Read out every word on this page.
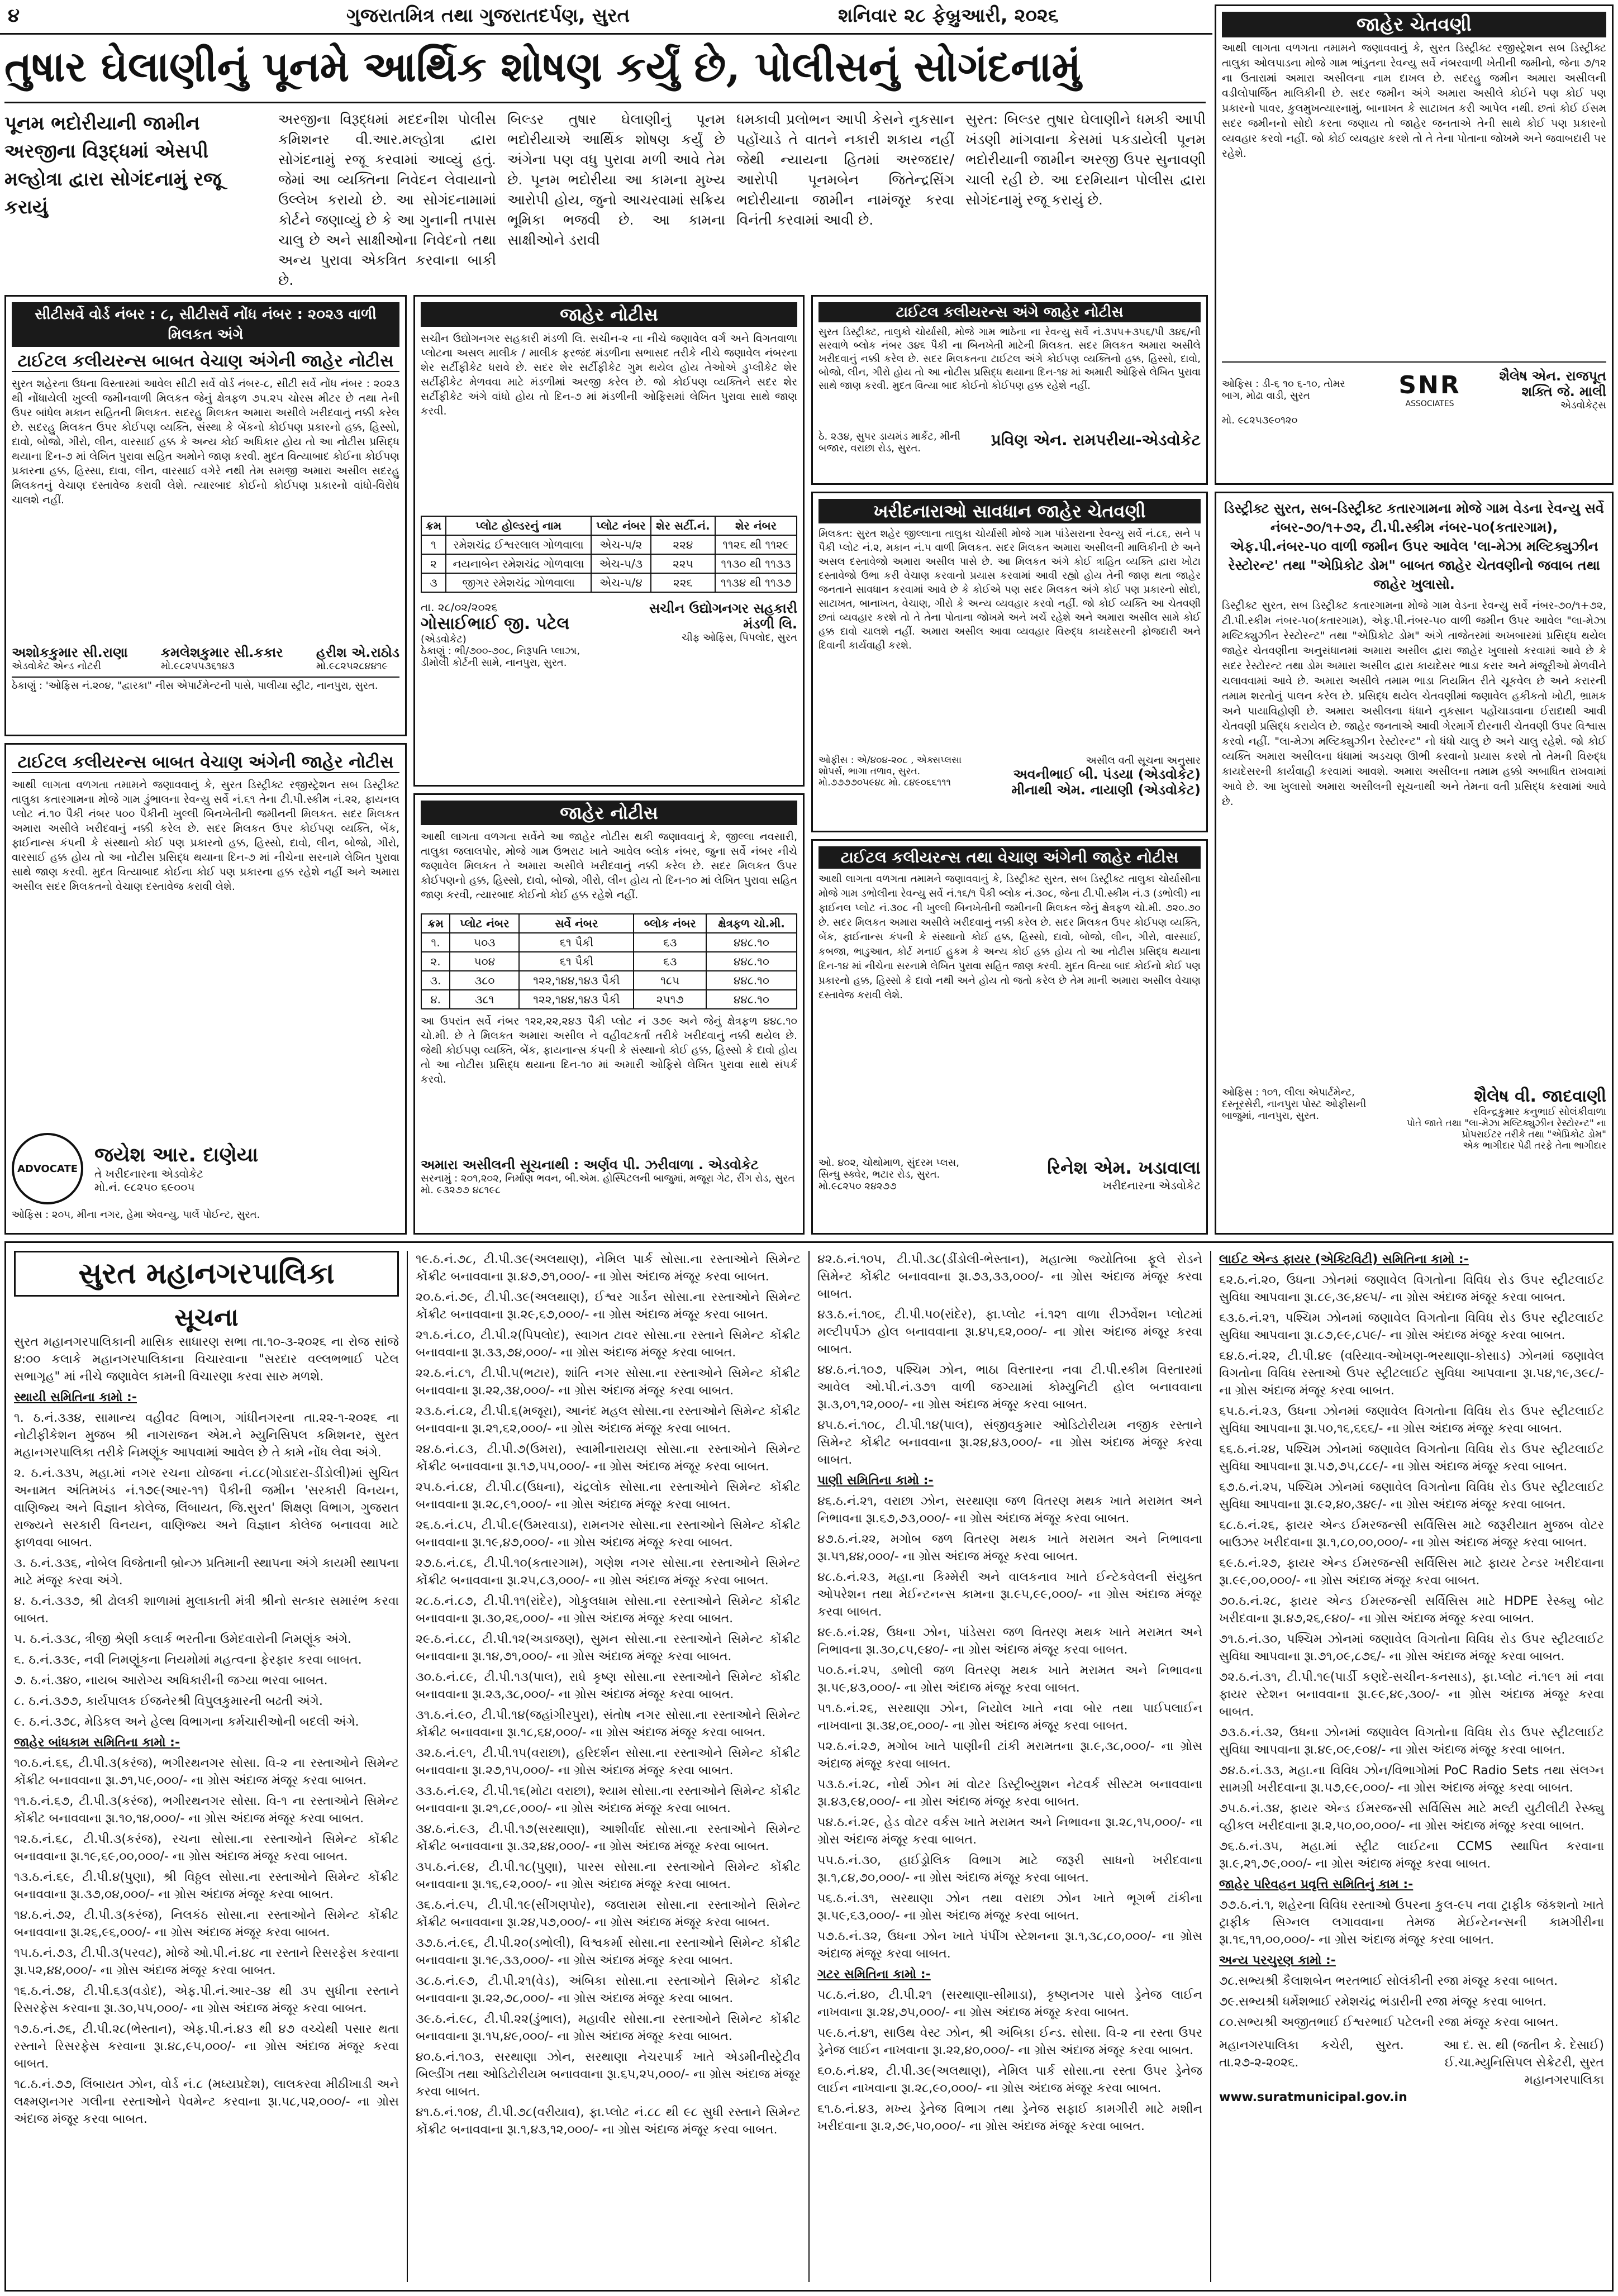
૪	ગુજરાતમિત્ર તથા ગુજરાતદર્પણ, સુરત	શનિવાર ૨૮ ફેબ્રુઆરી, ૨૦૨૬
તુષાર ઘેલાણીનું પૂનમે આર્થિક શોષણ કર્યું છે, પોલીસનું સોગંદનામું
પૂનમ ભદોરીયાની જામીન અરજીના વિરૂદ્ધમાં એસપી મલ્હોત્રા દ્વારા સોગંદનામું રજૂ કરાયું
અરજીના વિરૂદ્ધમાં મદદનીશ પોલીસ કમિશનર વી.આર.મલ્હોત્રા દ્વારા સોગંદનામું રજૂ કરવામાં આવ્યું હતું. જેમાં આ વ્યક્તિના નિવેદન લેવાયાનો ઉલ્લેખ કરાયો છે. આ સોગંદનામામાં કોર્ટને જણાવ્યું છે કે આ ગુનાની તપાસ ચાલુ છે અને સાક્ષીઓના નિવેદનો તથા અન્ય પુરાવા એકત્રિત કરવાના બાકી છે.
બિલ્ડર તુષાર ઘેલાણીનું પૂનમ ભદોરીયાએ આર્થિક શોષણ કર્યું છે અંગેના પણ વધુ પુરાવા મળી આવે તેમ છે. પૂનમ ભદોરીયા આ કામના મુખ્ય આરોપી હોય, જુનો આચરવામાં સક્રિય ભૂમિકા ભજવી છે. આ કામના સાક્ષીઓને ડરાવી
ધમકાવી પ્રલોભન આપી કેસને નુકસાન પહોંચાડે તે વાતને નકારી શકાય નહીં જેથી ન્યાયના હિતમાં અરજદાર/આરોપી પૂનમબેન જિતેન્દ્રસિંગ ભદોરીયાના જામીન નામંજૂર કરવા વિનંતી કરવામાં આવી છે.
સુરત: બિલ્ડર તુષાર ઘેલાણીને ધમકી આપી ખંડણી માંગવાના કેસમાં પકડાયેલી પૂનમ ભદોરીયાની જામીન અરજી ઉપર સુનાવણી ચાલી રહી છે. આ દરમિયાન પોલીસ દ્વારા સોગંદનામું રજૂ કરાયું છે.
સીટીસર્વે વોર્ડ નંબર : ૮, સીટીસર્વે નોંધ નંબર : ૨૦૨૩ વાળી મિલકત અંગે
ટાઈટલ કલીયરન્સ બાબત વેચાણ અંગેની જાહેર નોટીસ
સુરત શહેરના ઉધના વિસ્તારમાં આવેલ સીટી સર્વે વોર્ડ નંબર-૮, સીટી સર્વે નોંધ નંબર : ૨૦૨૩ થી નોંધાયેલી ખુલ્લી જમીનવાળી મિલકત જેનું ક્ષેત્રફળ ૭૫.૨૫ ચોરસ મીટર છે તથા તેની ઉપર બાંધેલ મકાન સહિતની મિલકત. સદરહુ મિલકત અમારા અસીલે ખરીદવાનું નક્કી કરેલ છે. સદરહુ મિલકત ઉપર કોઈપણ વ્યક્તિ, સંસ્થા કે બેંકનો કોઈપણ પ્રકારનો હક્ક, હિસ્સો, દાવો, બોજો, ગીરો, લીન, વારસાઈ હક્ક કે અન્ય કોઈ અધિકાર હોય તો આ નોટીસ પ્રસિદ્ધ થયાના દિન-૭ માં લેખિત પુરાવા સહિત અમોને જાણ કરવી. મુદત વિત્યાબાદ કોઈના કોઈપણ પ્રકારના હક્ક, હિસ્સા, દાવા, લીન, વારસાઈ વગેરે નથી તેમ સમજી અમારા અસીલ સદરહુ મિલકતનું વેચાણ દસ્તાવેજ કરાવી લેશે. ત્યારબાદ કોઈનો કોઈપણ પ્રકારનો વાંધો-વિરોધ ચાલશે નહીં.
અશોકકુમાર સી.રાણા
એડવોકેટ એન્ડ નોટરી
કમલેશકુમાર સી.કકાર
મો.૯૮૨૫૫૩૬૧૪૩
હરીશ એ.રાઠોડ
મો.૯૮૨૫૨૮૪૪૧૯
ઠેકાણું : 'ઓફિસ નં.૨૦૪, "દ્વારકા" નીસ એપાર્ટમેન્ટની પાસે, પાલીયા સ્ટ્રીટ, નાનપુરા, સુરત.
ટાઈટલ કલીયરન્સ બાબત વેચાણ અંગેની જાહેર નોટીસ
આથી લાગતા વળગતા તમામને જણાવવાનું કે, સુરત ડિસ્ટ્રીક્ટ રજીસ્ટ્રેશન સબ ડિસ્ટ્રીક્ટ તાલુકા કતારગામના મોજે ગામ ડુંભાલના રેવન્યુ સર્વે નં.૬૧ તેના ટી.પી.સ્કીમ નં.૨૨, ફાયનલ પ્લોટ નં.૧૦ પૈકી નંબર ૫૦૦ પૈકીની ખુલ્લી બિનખેતીની જમીનની મિલકત. સદર મિલકત અમારા અસીલે ખરીદવાનું નક્કી કરેલ છે. સદર મિલકત ઉપર કોઈપણ વ્યક્તિ, બેંક, ફાઈનાન્સ કંપની કે સંસ્થાનો કોઈ પણ પ્રકારનો હક્ક, હિસ્સો, દાવો, લીન, બોજો, ગીરો, વારસાઈ હક્ક હોય તો આ નોટીસ પ્રસિદ્ધ થયાના દિન-૭ માં નીચેના સરનામે લેખિત પુરાવા સાથે જાણ કરવી. મુદત વિત્યાબાદ કોઈના કોઈ પણ પ્રકારના હક્ક રહેશે નહીં અને અમારા અસીલ સદર મિલકતનો વેચાણ દસ્તાવેજ કરાવી લેશે.
ADVOCATE
જયેશ આર. દાણેયા
તે ખરીદનારના એડવોકેટ
મો.નં. ૯૮૨૫૦ ૬૯૦૦૫
ઓફિસ : ૨૦૫, મીના નગર, હેમા એવન્યુ, પાર્લે પોઈન્ટ, સુરત.
જાહેર નોટીસ
સચીન ઉદ્યોગનગર સહકારી મંડળી લિ. સચીન-૨ ના નીચે જણાવેલ વર્ગ અને વિગતવાળા પ્લોટના અસલ માલીક / માલીક ફરજંદ મંડળીના સભાસદ તરીકે નીચે જણાવેલ નંબરના શેર સર્ટીફીકેટ ધરાવે છે. સદર શેર સર્ટીફીકેટ ગુમ થયેલ હોય તેઓએ ડુપ્લીકેટ શેર સર્ટીફીકેટ મેળવવા માટે મંડળીમાં અરજી કરેલ છે. જો કોઈપણ વ્યક્તિને સદર શેર સર્ટીફીકેટ અંગે વાંધો હોય તો દિન-૭ માં મંડળીની ઓફિસમાં લેખિત પુરાવા સાથે જાણ કરવી.
ક્રમ	પ્લોટ હોલ્ડરનું નામ	પ્લોટ નંબર	શેર સર્ટી.નં.	શેર નંબર
૧	રમેશચંદ્ર ઈશ્વરલાલ ગોળવાલા	એચ-૫/૨	૨૨૪	૧૧૨૬ થી ૧૧૨૯
૨	નયનાબેન રમેશચંદ્ર ગોળવાલા	એચ-૫/૩	૨૨૫	૧૧૩૦ થી ૧૧૩૩
૩	જીગર રમેશચંદ્ર ગોળવાલા	એચ-૫/૪	૨૨૬	૧૧૩૪ થી ૧૧૩૭
તા. ૨૮/૦૨/૨૦૨૬
ગોસાઈભાઈ જી. પટેલ
(એડવોકેટ)
ઠેકાણું : ભી/૭૦૦-૭૦૮, નિરૂપતિ પ્લાઝા, ડીમોલી કોર્ટની સામે, નાનપુરા, સુરત.
સચીન ઉદ્યોગનગર સહકારી મંડળી લિ.
ચીફ ઓફિસ, પિપલોદ, સુરત
જાહેર નોટીસ
આથી લાગતા વળગતા સર્વેને આ જાહેર નોટીસ થકી જણાવવાનું કે, જીલ્લા નવસારી, તાલુકા જલાલપોર, મોજે ગામ ઉભરાટ ખાતે આવેલ બ્લોક નંબર, જુના સર્વે નંબર નીચે જણાવેલ મિલકત તે અમારા અસીલે ખરીદવાનું નક્કી કરેલ છે. સદર મિલકત ઉપર કોઈપણનો હક્ક, હિસ્સો, દાવો, બોજો, ગીરો, લીન હોય તો દિન-૧૦ માં લેખિત પુરાવા સહિત જાણ કરવી, ત્યારબાદ કોઈનો કોઈ હક્ક રહેશે નહીં.
ક્રમ	પ્લોટ નંબર	સર્વે નંબર	બ્લોક નંબર	ક્ષેત્રફળ ચો.મી.
૧.	૫૦૩	૬૧ પૈકી	૬૩	૪૪૮.૧૦
૨.	૫૦૪	૬૧ પૈકી	૬૩	૪૪૮.૧૦
૩.	૩૮૦	૧૨૨,૧૪૪,૧૪૩ પૈકી	૧૮૫	૪૪૮.૧૦
૪.	૩૮૧	૧૨૨,૧૪૪,૧૪૩ પૈકી	૨૫૧૭	૪૪૮.૧૦
આ ઉપરાંત સર્વે નંબર ૧૨૨,૨૨,૨૪૩ પૈકી પ્લોટ નં ૩૭૯ અને જેનું ક્ષેત્રફળ ૪૪૮.૧૦ ચો.મી. છે તે મિલકત અમારા અસીલ ને વહીવટકર્તા તરીકે ખરીદવાનું નક્કી થયેલ છે. જેથી કોઈપણ વ્યક્તિ, બેંક, ફાયનાન્સ કંપની કે સંસ્થાનો કોઈ હક્ક, હિસ્સો કે દાવો હોય તો આ નોટીસ પ્રસિદ્ધ થયાના દિન-૧૦ માં અમારી ઓફિસે લેખિત પુરાવા સાથે સંપર્ક કરવો.
અમારા અસીલની સૂચનાથી : અર્ણવ પી. ઝરીવાળા . એડવોકેટ
સરનામું : ૨૦૧,૨૦૨, નિર્માણ ભવન, બી.એમ. હોસ્પિટલની બાજુમાં, મજૂરા ગેટ, રીંગ રોડ, સુરત મો. ૯૩૨૭૭ ૪૮૧૯૮
ટાઈટલ કલીયરન્સ અંગે જાહેર નોટીસ
સુરત ડિસ્ટ્રીક્ટ, તાલુકો ચોર્યાસી, મોજે ગામ ભાઠેના ના રેવન્યુ સર્વે નં.૩૫૫+૩૫૬/પી ૩૪૬/ની સરવાળે બ્લોક નંબર ૩૪૬ પૈકી ના બિનખેતી માટેની મિલકત. સદર મિલકત અમારા અસીલે ખરીદવાનું નક્કી કરેલ છે. સદર મિલકતના ટાઈટલ અંગે કોઈપણ વ્યક્તિનો હક્ક, હિસ્સો, દાવો, બોજો, લીન, ગીરો હોય તો આ નોટીસ પ્રસિદ્ધ થયાના દિન-૧૪ માં અમારી ઓફિસે લેખિત પુરાવા સાથે જાણ કરવી. મુદત વિત્યા બાદ કોઈનો કોઈપણ હક્ક રહેશે નહીં.
ઠે. ૨૩૪, સુપર ડાયમંડ માર્કેટ, મીની બજાર, વરાછા રોડ, સુરત.	પ્રવિણ એન. રામપરીયા-એડવોકેટ
ખરીદનારાઓ સાવધાન જાહેર ચેતવણી
મિલકત: સુરત શહેર જીલ્લાના તાલુકા ચોર્યાસી મોજે ગામ પાંડેસરાના રેવન્યુ સર્વે નં.૮૬, સને ૫ પૈકી પ્લોટ નં.૨, મકાન નં.૫ વાળી મિલકત. સદર મિલકત અમારા અસીલની માલિકીની છે અને અસલ દસ્તાવેજો અમારા અસીલ પાસે છે. આ મિલકત અંગે કોઈ ત્રાહિત વ્યક્તિ દ્વારા ખોટા દસ્તાવેજો ઉભા કરી વેચાણ કરવાનો પ્રયાસ કરવામાં આવી રહ્યો હોય તેની જાણ થતા જાહેર જનતાને સાવધાન કરવામાં આવે છે કે કોઈએ પણ સદર મિલકત અંગે કોઈ પણ પ્રકારનો સોદો, સાટાખત, બાનાખત, વેચાણ, ગીરો કે અન્ય વ્યવહાર કરવો નહીં. જો કોઈ વ્યક્તિ આ ચેતવણી છતાં વ્યવહાર કરશે તો તે તેના પોતાના જોખમે અને ખર્ચે રહેશે અને અમારા અસીલ સામે કોઈ હક્ક દાવો ચાલશે નહીં. અમારા અસીલ આવા વ્યવહાર વિરુદ્ધ કાયદેસરની ફોજદારી અને દિવાની કાર્યવાહી કરશે.
ઓફીસ : એ/૪૦૪-૨૦૮ , એક્સપ્લસા શોપર્સ, ભાગા તળાવ, સુરત. મો.૭૭૭૭૦૫૯૪૮ મો. ૮૪૯૦૬૬૧૧૧
અસીલ વતી સૂચના અનુસાર
અવનીભાઈ બી. પંડયા (એડવોકેટ)
મીનાથી એમ. નાયાણી (એડવોકેટ)
ટાઈટલ કલીયરન્સ તથા વેચાણ અંગેની જાહેર નોટીસ
આથી લાગતા વળગતા તમામને જણાવવાનું કે, ડિસ્ટ્રીક્ટ સુરત, સબ ડિસ્ટ્રીક્ટ તાલુકા ચોર્યાસીના મોજે ગામ ડભોલીના રેવન્યુ સર્વે નં.૧૬/૧ પૈકી બ્લોક નં.૩૦૮, જેના ટી.પી.સ્કીમ નં.૩ (ડભોલી) ના ફાઈનલ પ્લોટ નં.૩૦૮ ની ખુલ્લી બિનખેતીની જમીનની મિલકત જેનું ક્ષેત્રફળ ચો.મી. ૭૨૦.૭૦ છે. સદર મિલકત અમારા અસીલે ખરીદવાનું નક્કી કરેલ છે. સદર મિલકત ઉપર કોઈપણ વ્યક્તિ, બેંક, ફાઈનાન્સ કંપની કે સંસ્થાનો કોઈ હક્ક, હિસ્સો, દાવો, બોજો, લીન, ગીરો, વારસાઈ, કબજા, ભાડુઆત, કોર્ટ મનાઈ હુકમ કે અન્ય કોઈ હક્ક હોય તો આ નોટીસ પ્રસિદ્ધ થયાના દિન-૧૪ માં નીચેના સરનામે લેખિત પુરાવા સહિત જાણ કરવી. મુદત વિત્યા બાદ કોઈનો કોઈ પણ પ્રકારનો હક્ક, હિસ્સો કે દાવો નથી અને હોય તો જતો કરેલ છે તેમ માની અમારા અસીલ વેચાણ દસ્તાવેજ કરાવી લેશે.
ઓ. ૪૦૨, ચોથોમાળ, સુંદરમ પ્લસ, સિન્ધુ સ્ક્વેર, ભટાર રોડ, સુરત. મો.૯૮૨૫૦ ૨૪૨૭૭
રિનેશ એમ. ખડાવાલા
ખરીદનારના એડવોકેટ
જાહેર ચેતવણી
આથી લાગતા વળગતા તમામને જણાવવાનું કે, સુરત ડિસ્ટ્રીક્ટ રજીસ્ટ્રેશન સબ ડિસ્ટ્રીક્ટ તાલુકા ઓલપાડના મોજે ગામ ભાંડુતના રેવન્યુ સર્વે નંબરવાળી ખેતીની જમીનો, જેના ૭/૧૨ ના ઉતારામાં અમારા અસીલના નામ દાખલ છે. સદરહુ જમીન અમારા અસીલની વડીલોપાર્જિત માલિકીની છે. સદર જમીન અંગે અમારા અસીલે કોઈને પણ કોઈ પણ પ્રકારનો પાવર, કુલમુખત્યારનામું, બાનાખત કે સાટાખત કરી આપેલ નથી. છતાં કોઈ ઈસમ સદર જમીનનો સોદો કરતા જણાય તો જાહેર જનતાએ તેની સાથે કોઈ પણ પ્રકારનો વ્યવહાર કરવો નહીં. જો કોઈ વ્યવહાર કરશે તો તે તેના પોતાના જોખમે અને જવાબદારી પર રહેશે.
ઓફિસ : ડી-૬ ૧૦ ૬-૧૦, તોમર બાગ, મોઢા વાડી, સુરત	SNR
ASSOCIATES
શૈલેષ એન. રાજપૂત
શક્તિ જે. માલી
એડવોકેટ્સ
મો. ૯૮૨૫૩૯૦૧૨૦
ડિસ્ટ્રીક્ટ સુરત, સબ-ડિસ્ટ્રીક્ટ કતારગામના મોજે ગામ વેડના રેવન્યુ સર્વે નંબર-૭૦/૧+૭૨, ટી.પી.સ્કીમ નંબર-૫૦(કતારગામ), એફ.પી.નંબર-૫૦ વાળી જમીન ઉપર આવેલ 'લા-મેઝા મલ્ટિક્યુઝીન રેસ્ટોરન્ટ' તથા "એપ્રિકોટ ડોમ" બાબત જાહેર ચેતવણીનો જવાબ તથા જાહેર ખુલાસો.
ડિસ્ટ્રીક્ટ સુરત, સબ ડિસ્ટ્રીક્ટ કતારગામના મોજે ગામ વેડના રેવન્યુ સર્વે નંબર-૭૦/૧+૭૨, ટી.પી.સ્કીમ નંબર-૫૦(કતારગામ), એફ.પી.નંબર-૫૦ વાળી જમીન ઉપર આવેલ "લા-મેઝા મલ્ટિક્યુઝીન રેસ્ટોરન્ટ" તથા "એપ્રિકોટ ડોમ" અંગે તાજેતરમાં અખબારમાં પ્રસિદ્ધ થયેલ જાહેર ચેતવણીના અનુસંધાનમાં અમારા અસીલ દ્વારા જાહેર ખુલાસો કરવામાં આવે છે કે સદર રેસ્ટોરન્ટ તથા ડોમ અમારા અસીલ દ્વારા કાયદેસર ભાડા કરાર અને મંજૂરીઓ મેળવીને ચલાવવામાં આવે છે. અમારા અસીલે તમામ ભાડા નિયમિત રીતે ચૂકવેલ છે અને કરારની તમામ શરતોનું પાલન કરેલ છે. પ્રસિદ્ધ થયેલ ચેતવણીમાં જણાવેલ હકીકતો ખોટી, ભ્રામક અને પાયાવિહોણી છે. અમારા અસીલના ધંધાને નુકસાન પહોંચાડવાના ઈરાદાથી આવી ચેતવણી પ્રસિદ્ધ કરાયેલ છે. જાહેર જનતાએ આવી ગેરમાર્ગે દોરનારી ચેતવણી ઉપર વિશ્વાસ કરવો નહીં. "લા-મેઝા મલ્ટિક્યુઝીન રેસ્ટોરન્ટ" નો ધંધો ચાલુ છે અને ચાલુ રહેશે. જો કોઈ વ્યક્તિ અમારા અસીલના ધંધામાં અડચણ ઊભી કરવાનો પ્રયાસ કરશે તો તેમની વિરુદ્ધ કાયદેસરની કાર્યવાહી કરવામાં આવશે. અમારા અસીલના તમામ હક્કો અબાધિત રાખવામાં આવે છે. આ ખુલાસો અમારા અસીલની સૂચનાથી અને તેમના વતી પ્રસિદ્ધ કરવામાં આવે છે.
ઓફિસ : ૧૦૧, લીલા એપાર્ટમેન્ટ, દસ્તૂરસેરી, નાનપુરા પોસ્ટ ઓફીસની બાજુમાં, નાનપુરા, સુરત.
શૈલેષ વી. જાદવાણી
રવિન્દ્રકુમાર કનુભાઈ સોલંકીવાળા
પોતે જાતે તથા "લા-મેઝા મલ્ટિક્યુઝીન રેસ્ટોરન્ટ" ના પ્રોપરાઈટર તરીકે તથા "એપ્રિકોટ ડોમ"
એક ભાગીદાર પેઢી તરફે તેના ભાગીદાર
સુરત મહાનગરપાલિકા
સૂચના

સુરત મહાનગરપાલિકાની માસિક સાધારણ સભા તા.૧૦-૩-૨૦૨૬ ના રોજ સાંજે ૪:૦૦ કલાકે મહાનગરપાલિકાના વિચારવાના "સરદાર વલ્લભભાઈ પટેલ સભાગૃહ" માં નીચે જણાવેલ કામની વિચારણા કરવા સારુ મળશે.

સ્થાયી સમિતિના કામો :-

૧. ઠ.નં.૩૩૪, સામાન્ય વહીવટ વિભાગ, ગાંધીનગરના તા.૨૨-૧-૨૦૨૬ ના નોટીફીકેશન મુજબ શ્રી નાગરાજન એમ.ને મ્યુનિસિપલ કમિશનર, સુરત મહાનગરપાલિકા તરીકે નિમણૂંક આપવામાં આવેલ છે તે કામે નોંધ લેવા અંગે.

૨. ઠ.નં.૩૩૫, મહા.માં નગર રચના યોજના નં.૮૮(ગોડાદરા-ડીંડોલી)માં સુચિત અનામત અંતિમખંડ નં.૧૭૯(આર-૧૧) પૈકીની જમીન 'સરકારી વિનયન, વાણિજ્ય અને વિજ્ઞાન કોલેજ, લિંબાયત, જિ.સુરત' શિક્ષણ વિભાગ, ગુજરાત રાજ્યને સરકારી વિનયન, વાણિજ્ય અને વિજ્ઞાન કોલેજ બનાવવા માટે ફાળવવા બાબત.

૩. ઠ.નં.૩૩૬, નોબેલ વિજેતાની બ્રોન્ઝ પ્રતિમાની સ્થાપના અંગે કાયમી સ્થાપના માટે મંજૂર કરવા અંગે.

૪. ઠ.નં.૩૩૭, શ્રી ઢોલકી શાળામાં મુલાકાતી મંત્રી શ્રીનો સત્કાર સમારંભ કરવા બાબત.

૫. ઠ.નં.૩૩૮, ત્રીજી શ્રેણી કલાર્ક ભરતીના ઉમેદવારોની નિમણૂંક અંગે.

૬. ઠ.નં.૩૩૯, નવી નિમણૂંકના નિયમોમાં મહત્વના ફેરફાર કરવા બાબત.

૭. ઠ.નં.૩૪૦, નાયબ આરોગ્ય અધિકારીની જગ્યા ભરવા બાબત.

૮. ઠ.નં.૩૭૭, કાર્યપાલક ઈજનેરશ્રી વિપુલકુમારની બઢતી અંગે.

૯. ઠ.નં.૩૭૮, મેડિકલ અને હેલ્થ વિભાગના કર્મચારીઓની બદલી અંગે.

જાહેર બાંધકામ સમિતિના કામો :-

૧૦.ઠ.નં.૬૬, ટી.પી.૩(કરંજ), ભગીરથનગર સોસા. વિ-૨ ના રસ્તાઓને સિમેન્ટ કોંક્રીટ બનાવવાના રૂા.૭૧,૫૯,૦૦૦/- ના ગ્રોસ અંદાજ મંજૂર કરવા બાબત.

૧૧.ઠ.નં.૬૭, ટી.પી.૩(કરંજ), ભગીરથનગર સોસા. વિ-૧ ના રસ્તાઓને સિમેન્ટ કોંક્રીટ બનાવવાના રૂા.૧૦,૧૪,૦૦૦/- ના ગ્રોસ અંદાજ મંજૂર કરવા બાબત.

૧૨.ઠ.નં.૬૮, ટી.પી.૩(કરંજ), રચના સોસા.ના રસ્તાઓને સિમેન્ટ કોંક્રીટ બનાવવાના રૂા.૧૯,૬૯,૦૦,૦૦૦/- ના ગ્રોસ અંદાજ મંજૂર કરવા બાબત.

૧૩.ઠ.નં.૬૯, ટી.પી.૪(પુણા), શ્રી વિઠ્ઠલ સોસા.ના રસ્તાઓને સિમેન્ટ કોંક્રીટ બનાવવાના રૂા.૩૭,૦૪,૦૦૦/- ના ગ્રોસ અંદાજ મંજૂર કરવા બાબત.

૧૪.ઠ.નં.૭૨, ટી.પી.૩(કરંજ), નિલકંઠ સોસા.ના રસ્તાઓને સિમેન્ટ કોંક્રીટ બનાવવાના રૂા.૨૬,૯૬,૦૦૦/- ના ગ્રોસ અંદાજ મંજૂર કરવા બાબત.

૧૫.ઠ.નં.૭૩, ટી.પી.૩(પરવટ), મોજે ઓ.પી.નં.૪૮ ના રસ્તાને રિસરફેસ કરવાના રૂા.૫૨,૪૪,૦૦૦/- ના ગ્રોસ અંદાજ મંજૂર કરવા બાબત.

૧૬.ઠ.નં.૭૪, ટી.પી.૬૩(વડોદ), એફ.પી.નં.આર-૩૪ થી ૩૫ સુધીના રસ્તાને રિસરફેસ કરવાના રૂા.૩૦,૫૫,૦૦૦/- ના ગ્રોસ અંદાજ મંજૂર કરવા બાબત.

૧૭.ઠ.નં.૭૬, ટી.પી.૨૮(ભેસ્તાન), એફ.પી.નં.૪૩ થી ૪૭ વચ્ચેથી પસાર થતા રસ્તાને રિસરફેસ કરવાના રૂા.૪૮,૯૫,૦૦૦/- ના ગ્રોસ અંદાજ મંજૂર કરવા બાબત.

૧૮.ઠ.નં.૭૭, લિંબાયત ઝોન, વોર્ડ નં.૮ (મધ્યપ્રદેશ), લાલકરવા મીઠીખાડી અને લક્ષ્મણનગર ગલીના રસ્તાઓને પેવમેન્ટ કરવાના રૂા.૫૮,૫૨,૦૦૦/- ના ગ્રોસ અંદાજ મંજૂર કરવા બાબત.

૧૯.ઠ.નં.૭૮, ટી.પી.૩૯(અલથાણ), નેમિલ પાર્ક સોસા.ના રસ્તાઓને સિમેન્ટ કોંક્રીટ બનાવવાના રૂા.૪૭,૭૧,૦૦૦/- ના ગ્રોસ અંદાજ મંજૂર કરવા બાબત.

૨૦.ઠ.નં.૭૯, ટી.પી.૩૯(અલથાણ), ઈશ્વર ગાર્ડન સોસા.ના રસ્તાઓને સિમેન્ટ કોંક્રીટ બનાવવાના રૂા.૨૯,૬૭,૦૦૦/- ના ગ્રોસ અંદાજ મંજૂર કરવા બાબત.

૨૧.ઠ.નં.૮૦, ટી.પી.૨(પિપલોદ), સ્વાગત ટાવર સોસા.ના રસ્તાને સિમેન્ટ કોંક્રીટ બનાવવાના રૂા.૩૩,૭૪,૦૦૦/- ના ગ્રોસ અંદાજ મંજૂર કરવા બાબત.

૨૨.ઠ.નં.૮૧, ટી.પી.૫(ભટાર), શાંતિ નગર સોસા.ના રસ્તાઓને સિમેન્ટ કોંક્રીટ બનાવવાના રૂા.૨૨,૩૪,૦૦૦/- ના ગ્રોસ અંદાજ મંજૂર કરવા બાબત.

૨૩.ઠ.નં.૮૨, ટી.પી.૬(મજૂરા), આનંદ મહલ સોસા.ના રસ્તાઓને સિમેન્ટ કોંક્રીટ બનાવવાના રૂા.૨૧,૬૨,૦૦૦/- ના ગ્રોસ અંદાજ મંજૂર કરવા બાબત.

૨૪.ઠ.નં.૮૩, ટી.પી.૭(ઉમરા), સ્વામીનારાયણ સોસા.ના રસ્તાઓને સિમેન્ટ કોંક્રીટ બનાવવાના રૂા.૧૭,૫૫,૦૦૦/- ના ગ્રોસ અંદાજ મંજૂર કરવા બાબત.

૨૫.ઠ.નં.૮૪, ટી.પી.૮(ઉધના), ચંદ્રલોક સોસા.ના રસ્તાઓને સિમેન્ટ કોંક્રીટ બનાવવાના રૂા.૨૮,૯૧,૦૦૦/- ના ગ્રોસ અંદાજ મંજૂર કરવા બાબત.

૨૬.ઠ.નં.૮૫, ટી.પી.૯(ઉમરવાડા), રામનગર સોસા.ના રસ્તાઓને સિમેન્ટ કોંક્રીટ બનાવવાના રૂા.૧૯,૪૭,૦૦૦/- ના ગ્રોસ અંદાજ મંજૂર કરવા બાબત.

૨૭.ઠ.નં.૮૬, ટી.પી.૧૦(કતારગામ), ગણેશ નગર સોસા.ના રસ્તાઓને સિમેન્ટ કોંક્રીટ બનાવવાના રૂા.૨૫,૮૩,૦૦૦/- ના ગ્રોસ અંદાજ મંજૂર કરવા બાબત.

૨૮.ઠ.નં.૮૭, ટી.પી.૧૧(રાંદેર), ગોકુલધામ સોસા.ના રસ્તાઓને સિમેન્ટ કોંક્રીટ બનાવવાના રૂા.૩૦,૨૬,૦૦૦/- ના ગ્રોસ અંદાજ મંજૂર કરવા બાબત.

૨૯.ઠ.નં.૮૮, ટી.પી.૧૨(અડાજણ), સુમન સોસા.ના રસ્તાઓને સિમેન્ટ કોંક્રીટ બનાવવાના રૂા.૧૪,૭૧,૦૦૦/- ના ગ્રોસ અંદાજ મંજૂર કરવા બાબત.

૩૦.ઠ.નં.૮૯, ટી.પી.૧૩(પાલ), રાધે કૃષ્ણ સોસા.ના રસ્તાઓને સિમેન્ટ કોંક્રીટ બનાવવાના રૂા.૨૩,૩૮,૦૦૦/- ના ગ્રોસ અંદાજ મંજૂર કરવા બાબત.

૩૧.ઠ.નં.૯૦, ટી.પી.૧૪(જહાંગીરપુરા), સંતોષ નગર સોસા.ના રસ્તાઓને સિમેન્ટ કોંક્રીટ બનાવવાના રૂા.૧૮,૬૪,૦૦૦/- ના ગ્રોસ અંદાજ મંજૂર કરવા બાબત.

૩૨.ઠ.નં.૯૧, ટી.પી.૧૫(વરાછા), હરિદર્શન સોસા.ના રસ્તાઓને સિમેન્ટ કોંક્રીટ બનાવવાના રૂા.૨૭,૧૫,૦૦૦/- ના ગ્રોસ અંદાજ મંજૂર કરવા બાબત.

૩૩.ઠ.નં.૯૨, ટી.પી.૧૬(મોટા વરાછા), શ્યામ સોસા.ના રસ્તાઓને સિમેન્ટ કોંક્રીટ બનાવવાના રૂા.૨૧,૮૯,૦૦૦/- ના ગ્રોસ અંદાજ મંજૂર કરવા બાબત.

૩૪.ઠ.નં.૯૩, ટી.પી.૧૭(સરથાણા), આશીર્વાદ સોસા.ના રસ્તાઓને સિમેન્ટ કોંક્રીટ બનાવવાના રૂા.૩૨,૪૪,૦૦૦/- ના ગ્રોસ અંદાજ મંજૂર કરવા બાબત.

૩૫.ઠ.નં.૯૪, ટી.પી.૧૮(પુણા), પારસ સોસા.ના રસ્તાઓને સિમેન્ટ કોંક્રીટ બનાવવાના રૂા.૧૬,૯૨,૦૦૦/- ના ગ્રોસ અંદાજ મંજૂર કરવા બાબત.

૩૬.ઠ.નં.૯૫, ટી.પી.૧૯(સીંગણપોર), જલારામ સોસા.ના રસ્તાઓને સિમેન્ટ કોંક્રીટ બનાવવાના રૂા.૨૪,૫૭,૦૦૦/- ના ગ્રોસ અંદાજ મંજૂર કરવા બાબત.

૩૭.ઠ.નં.૯૬, ટી.પી.૨૦(ડભોલી), વિશ્વકર્મા સોસા.ના રસ્તાઓને સિમેન્ટ કોંક્રીટ બનાવવાના રૂા.૧૯,૩૩,૦૦૦/- ના ગ્રોસ અંદાજ મંજૂર કરવા બાબત.

૩૮.ઠ.નં.૯૭, ટી.પી.૨૧(વેડ), અંબિકા સોસા.ના રસ્તાઓને સિમેન્ટ કોંક્રીટ બનાવવાના રૂા.૨૨,૭૮,૦૦૦/- ના ગ્રોસ અંદાજ મંજૂર કરવા બાબત.

૩૯.ઠ.નં.૯૮, ટી.પી.૨૨(ડુંભાલ), મહાવીર સોસા.ના રસ્તાઓને સિમેન્ટ કોંક્રીટ બનાવવાના રૂા.૧૫,૪૯,૦૦૦/- ના ગ્રોસ અંદાજ મંજૂર કરવા બાબત.

૪૦.ઠ.નં.૧૦૩, સરથાણા ઝોન, સરથાણા નેચરપાર્ક ખાતે એડમીનીસ્ટ્રેટીવ બિલ્ડીંગ તથા ઓડિટોરીયમ બનાવવાના રૂા.૬૫,૨૫,૦૦૦/- ના ગ્રોસ અંદાજ મંજૂર કરવા બાબત.

૪૧.ઠ.નં.૧૦૪, ટી.પી.૭૮(વરીયાવ), ફા.પ્લોટ નં.૮૮ થી ૯૮ સુધી રસ્તાને સિમેન્ટ કોંક્રીટ બનાવવાના રૂા.૧,૪૩,૧૨,૦૦૦/- ના ગ્રોસ અંદાજ મંજૂર કરવા બાબત.

૪૨.ઠ.નં.૧૦૫, ટી.પી.૩૮(ડીંડોલી-ભેસ્તાન), મહાત્મા જ્યોતિબા ફૂલે રોડને સિમેન્ટ કોંક્રીટ બનાવવાના રૂા.૭૩,૩૩,૦૦૦/- ના ગ્રોસ અંદાજ મંજૂર કરવા બાબત.

૪૩.ઠ.નં.૧૦૬, ટી.પી.૫૦(રાંદેર), ફા.પ્લોટ નં.૧૨૧ વાળા રીઝર્વેશન પ્લોટમાં મલ્ટીપર્પઝ હોલ બનાવવાના રૂા.૪૫,૬૨,૦૦૦/- ના ગ્રોસ અંદાજ મંજૂર કરવા બાબત.

૪૪.ઠ.નં.૧૦૭, પશ્ચિમ ઝોન, ભાઠા વિસ્તારના નવા ટી.પી.સ્કીમ વિસ્તારમાં આવેલ ઓ.પી.નં.૩૭૧ વાળી જગ્યામાં કોમ્યુનિટી હોલ બનાવવાના રૂા.૩,૦૧,૧૨,૦૦૦/- ના ગ્રોસ અંદાજ મંજૂર કરવા બાબત.

૪૫.ઠ.નં.૧૦૮, ટી.પી.૧૪(પાલ), સંજીવકુમાર ઓડિટોરીયમ નજીક રસ્તાને સિમેન્ટ કોંક્રીટ બનાવવાના રૂા.૨૪,૪૩,૦૦૦/- ના ગ્રોસ અંદાજ મંજૂર કરવા બાબત.

પાણી સમિતિના કામો :-

૪૬.ઠ.નં.૨૧, વરાછા ઝોન, સરથાણા જળ વિતરણ મથક ખાતે મરામત અને નિભાવના રૂા.૬૭,૭૩,૦૦૦/- ના ગ્રોસ અંદાજ મંજૂર કરવા બાબત.

૪૭.ઠ.નં.૨૨, મગોબ જળ વિતરણ મથક ખાતે મરામત અને નિભાવના રૂા.૫૧,૪૪,૦૦૦/- ના ગ્રોસ અંદાજ મંજૂર કરવા બાબત.

૪૮.ઠ.નં.૨૩, મહા.ના કિમ્મેરી અને વાલકનાવ ખાતે ઈન્ટેકવેલની સંયુક્ત ઓપરેશન તથા મેઈન્ટનન્સ કામના રૂા.૯૫,૯૯,૦૦૦/- ના ગ્રોસ અંદાજ મંજૂર કરવા બાબત.

૪૯.ઠ.નં.૨૪, ઉધના ઝોન, પાંડેસરા જળ વિતરણ મથક ખાતે મરામત અને નિભાવના રૂા.૩૦,૮૫,૯૪૦/- ના ગ્રોસ અંદાજ મંજૂર કરવા બાબત.

૫૦.ઠ.નં.૨૫, ડભોલી જળ વિતરણ મથક ખાતે મરામત અને નિભાવના રૂા.૫૯,૪૩,૦૦૦/- ના ગ્રોસ અંદાજ મંજૂર કરવા બાબત.

૫૧.ઠ.નં.૨૬, સરથાણા ઝોન, નિયોલ ખાતે નવા બોર તથા પાઈપલાઈન નાખવાના રૂા.૩૪,૦૬,૦૦૦/- ના ગ્રોસ અંદાજ મંજૂર કરવા બાબત.

૫૨.ઠ.નં.૨૭, મગોબ ખાતે પાણીની ટાંકી મરામતના રૂા.૯,૩૮,૦૦૦/- ના ગ્રોસ અંદાજ મંજૂર કરવા બાબત.

૫૩.ઠ.નં.૨૮, નોર્થ ઝોન માં વોટર ડિસ્ટ્રીબ્યુશન નેટવર્ક સીસ્ટમ બનાવવાના રૂા.૪૩,૯૪,૦૦૦/- ના ગ્રોસ અંદાજ મંજૂર કરવા બાબત.

૫૪.ઠ.નં.૨૯, હેડ વોટર વર્કસ ખાતે મરામત અને નિભાવના રૂા.૨૮,૧૫,૦૦૦/- ના ગ્રોસ અંદાજ મંજૂર કરવા બાબત.

૫૫.ઠ.નં.૩૦, હાઈડ્રોલિક વિભાગ માટે જરૂરી સાધનો ખરીદવાના રૂા.૧,૮૪,૭૦,૦૦૦/- ના ગ્રોસ અંદાજ મંજૂર કરવા બાબત.

૫૬.ઠ.નં.૩૧, સરથાણા ઝોન તથા વરાછા ઝોન ખાતે ભૂગર્ભ ટાંકીના રૂા.૫૯,૬૩,૦૦૦/- ના ગ્રોસ અંદાજ મંજૂર કરવા બાબત.

૫૭.ઠ.નં.૩૨, ઉધના ઝોન ખાતે પંપીંગ સ્ટેશનના રૂા.૧,૩૮,૮૦,૦૦૦/- ના ગ્રોસ અંદાજ મંજૂર કરવા બાબત.

ગટર સમિતિના કામો :-

૫૮.ઠ.નં.૪૦, ટી.પી.૨૧ (સરથાણા-સીમાડા), કૃષ્ણનગર પાસે ડ્રેનેજ લાઈન નાખવાના રૂા.૨૪,૭૫,૦૦૦/- ના ગ્રોસ અંદાજ મંજૂર કરવા બાબત.

૫૯.ઠ.નં.૪૧, સાઉથ વેસ્ટ ઝોન, શ્રી અંબિકા ઈન્ડ. સોસા. વિ-૨ ના રસ્તા ઉપર ડ્રેનેજ લાઈન નાખવાના રૂા.૨૨,૪૦,૦૦૦/- ના ગ્રોસ અંદાજ મંજૂર કરવા બાબત.

૬૦.ઠ.નં.૪૨, ટી.પી.૩૯(અલથાણ), નેમિલ પાર્ક સોસા.ના રસ્તા ઉપર ડ્રેનેજ લાઈન નાખવાના રૂા.૨૮,૯૦,૦૦૦/- ના ગ્રોસ અંદાજ મંજૂર કરવા બાબત.

૬૧.ઠ.નં.૪૩, મખ્ય ડ્રેનેજ વિભાગ તથા ડ્રેનેજ સફાઈ કામગીરી માટે મશીન ખરીદવાના રૂા.૨,૭૯,૫૦,૦૦૦/- ના ગ્રોસ અંદાજ મંજૂર કરવા બાબત.

લાઈટ એન્ડ ફાયર (એક્ટિવિટી) સમિતિના કામો :-

૬૨.ઠ.નં.૨૦, ઉધના ઝોનમાં જણાવેલ વિગતોના વિવિધ રોડ ઉપર સ્ટ્રીટલાઈટ સુવિધા આપવાના રૂા.૮૯,૩૯,૪૯૫/- ના ગ્રોસ અંદાજ મંજૂર કરવા બાબત.

૬૩.ઠ.નં.૨૧, પશ્ચિમ ઝોનમાં જણાવેલ વિગતોના વિવિધ રોડ ઉપર સ્ટ્રીટલાઈટ સુવિધા આપવાના રૂા.૮૭,૯૯,૮૫૯/- ના ગ્રોસ અંદાજ મંજૂર કરવા બાબત.

૬૪.ઠ.નં.૨૨, ટી.પી.૪૯ (વરિયાવ-ઓખણ-ભરથાણા-કોસાડ) ઝોનમાં જણાવેલ વિગતોના વિવિધ રસ્તાઓ ઉપર સ્ટ્રીટલાઈટ સુવિધા આપવાના રૂા.૫૪,૧૯,૩૯૮/- ના ગ્રોસ અંદાજ મંજૂર કરવા બાબત.

૬૫.ઠ.નં.૨૩, ઉધના ઝોનમાં જણાવેલ વિગતોના વિવિધ રોડ ઉપર સ્ટ્રીટલાઈટ સુવિધા આપવાના રૂા.૫૦,૧૬,૬૬૬/- ના ગ્રોસ અંદાજ મંજૂર કરવા બાબત.

૬૬.ઠ.નં.૨૪, પશ્ચિમ ઝોનમાં જણાવેલ વિગતોના વિવિધ રોડ ઉપર સ્ટ્રીટલાઈટ સુવિધા આપવાના રૂા.૫૭,૭૫,૮૮૯/- ના ગ્રોસ અંદાજ મંજૂર કરવા બાબત.

૬૭.ઠ.નં.૨૫, પશ્ચિમ ઝોનમાં જણાવેલ વિગતોના વિવિધ રોડ ઉપર સ્ટ્રીટલાઈટ સુવિધા આપવાના રૂા.૯૨,૪૦,૩૪૯/- ના ગ્રોસ અંદાજ મંજૂર કરવા બાબત.

૬૮.ઠ.નં.૨૬, ફાયર એન્ડ ઈમરજન્સી સર્વિસિસ માટે જરૂરીયાત મુજબ વોટર બાઉઝર ખરીદવાના રૂા.૧,૮૦,૦૦,૦૦૦/- ના ગ્રોસ અંદાજ મંજૂર કરવા બાબત.

૬૯.ઠ.નં.૨૭, ફાયર એન્ડ ઈમરજન્સી સર્વિસિસ માટે ફાયર ટેન્ડર ખરીદવાના રૂા.૯૯,૦૦,૦૦૦/- ના ગ્રોસ અંદાજ મંજૂર કરવા બાબત.

૭૦.ઠ.નં.૨૮, ફાયર એન્ડ ઈમરજન્સી સર્વિસિસ માટે HDPE રેસ્ક્યુ બોટ ખરીદવાના રૂા.૪૭,૨૬,૯૪૦/- ના ગ્રોસ અંદાજ મંજૂર કરવા બાબત.

૭૧.ઠ.નં.૩૦, પશ્ચિમ ઝોનમાં જણાવેલ વિગતોના વિવિધ રોડ ઉપર સ્ટ્રીટલાઈટ સુવિધા આપવાના રૂા.૭૧,૦૯,૮૭૬/- ના ગ્રોસ અંદાજ મંજૂર કરવા બાબત.

૭૨.ઠ.નં.૩૧, ટી.પી.૧૯(પાર્ડી કણદે-સચીન-કનસાડ), ફા.પ્લોટ નં.૧૯૧ માં નવા ફાયર સ્ટેશન બનાવવાના રૂા.૯૯,૪૯,૩૦૦/- ના ગ્રોસ અંદાજ મંજૂર કરવા બાબત.

૭૩.ઠ.નં.૩૨, ઉધના ઝોનમાં જણાવેલ વિગતોના વિવિધ રોડ ઉપર સ્ટ્રીટલાઈટ સુવિધા આપવાના રૂા.૪૯,૦૯,૯૦૪/- ના ગ્રોસ અંદાજ મંજૂર કરવા બાબત.

૭૪.ઠ.નં.૩૩, મહા.ના વિવિધ ઝોન/વિભાગોમાં PoC Radio Sets તથા સંલગ્ન સામગ્રી ખરીદવાના રૂા.૫૭,૯૯,૦૦૦/- ના ગ્રોસ અંદાજ મંજૂર કરવા બાબત.

૭૫.ઠ.નં.૩૪, ફાયર એન્ડ ઈમરજન્સી સર્વિસિસ માટે મલ્ટી યુટીલીટી રેસ્ક્યુ વ્હીકલ ખરીદવાના રૂા.૨,૫૦,૦૦,૦૦૦/- ના ગ્રોસ અંદાજ મંજૂર કરવા બાબત.

૭૬.ઠ.નં.૩૫, મહા.માં સ્ટ્રીટ લાઈટના CCMS સ્થાપિત કરવાના રૂા.૯,૨૧,૭૯,૦૦૦/- ના ગ્રોસ અંદાજ મંજૂર કરવા બાબત.

જાહેર પરિવહન પ્રવૃત્તિ સમિતિનું કામ :-

૭૭.ઠ.નં.૧, શહેરના વિવિધ રસ્તાઓ ઉપરના કુલ-૯૫ નવા ટ્રાફીક જંકશનો ખાતે ટ્રાફીક સિગ્નલ લગાવવાના તેમજ મેઈન્ટેનન્સની કામગીરીના રૂા.૧૬,૧૧,૦૦,૦૦૦/- ના ગ્રોસ અંદાજ મંજૂર કરવા બાબત.

અન્ય પરચુરણ કામો :-

૭૮.સભ્યશ્રી કૈલાશબેન ભરતભાઈ સોલંકીની રજા મંજૂર કરવા બાબત.

૭૯.સભ્યશ્રી ધર્મેશભાઈ રમેશચંદ્ર ભંડારીની રજા મંજૂર કરવા બાબત.

૮૦.સભ્યશ્રી અજીતભાઈ ઈશ્વરભાઈ પટેલની રજા મંજૂર કરવા બાબત.

મહાનગરપાલિકા કચેરી, સુરત. તા.૨૭-૨-૨૦૨૬.
આ દ. સ. થી (જતીન કે. દેસાઈ)
ઈ.ચા.મ્યુનિસિપલ સેક્રેટરી, સુરત મહાનગરપાલિકા
www.suratmunicipal.gov.in
